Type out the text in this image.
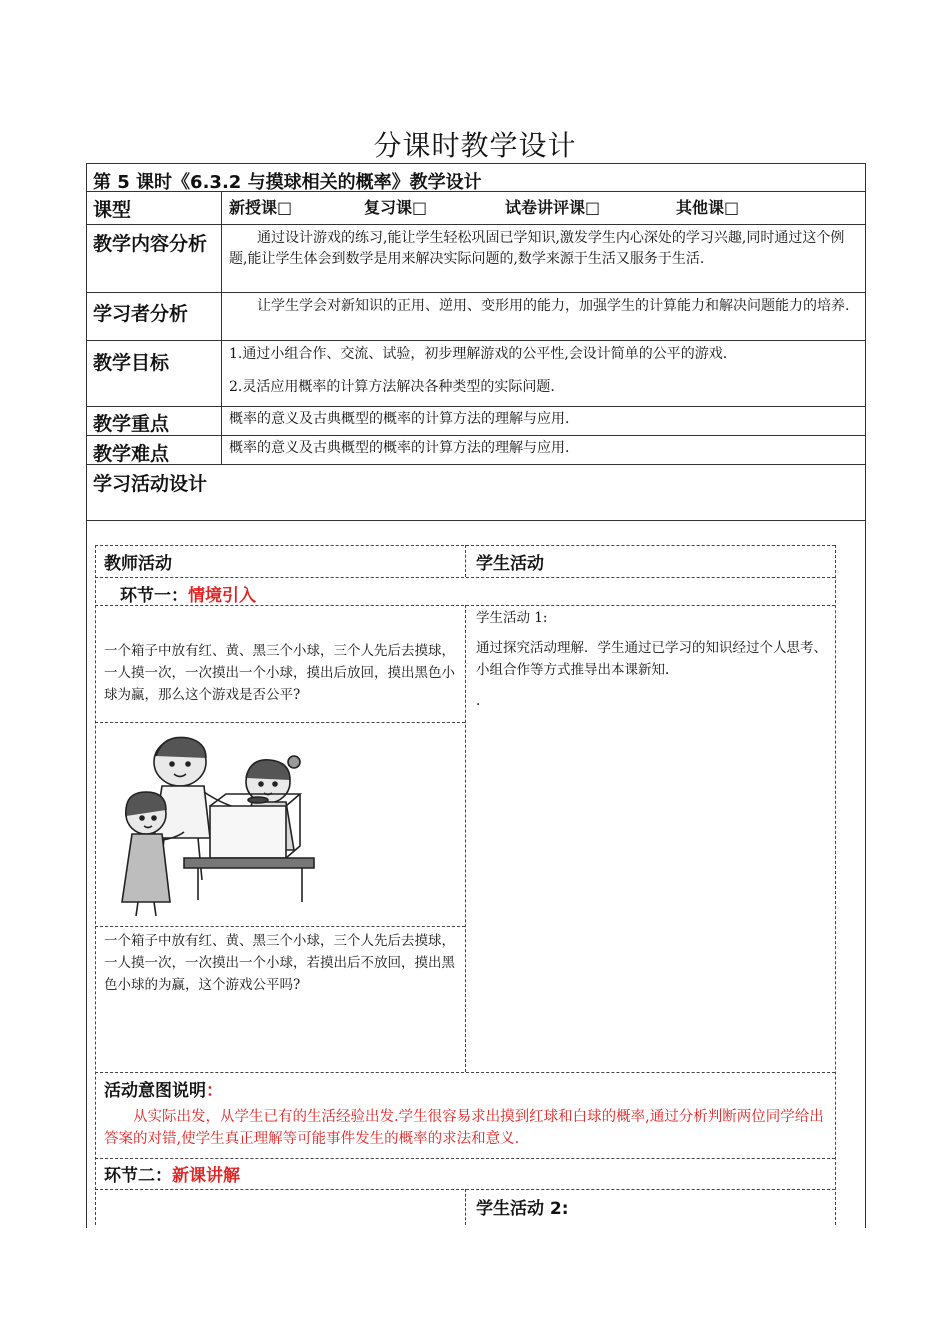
分课时教学设计
第 5 课时《6.3.2 与摸球相关的概率》教学设计
课型	新授课□	复习课□	试卷讲评课□	其他课□
教学内容分析	通过设计游戏的练习,能让学生轻松巩固已学知识,激发学生内心深处的学习兴趣,同时通过这个例题,能让学生体会到数学是用来解决实际问题的,数学来源于生活又服务于生活.
学习者分析	让学生学会对新知识的正用、逆用、变形用的能力，加强学生的计算能力和解决问题能力的培养.
教学目标	1.通过小组合作、交流、试验，初步理解游戏的公平性,会设计简单的公平的游戏.
2.灵活应用概率的计算方法解决各种类型的实际问题.
教学重点	概率的意义及古典概型的概率的计算方法的理解与应用.
教学难点	概率的意义及古典概型的概率的计算方法的理解与应用.
学习活动设计
教师活动	学生活动
环节一：情境引入
一个箱子中放有红、黄、黑三个小球，三个人先后去摸球，一人摸一次，一次摸出一个小球，摸出后放回，摸出黑色小球为赢，那么这个游戏是否公平?
一个箱子中放有红、黄、黑三个小球，三个人先后去摸球，一人摸一次，一次摸出一个小球，若摸出后不放回，摸出黑色小球的为赢，这个游戏公平吗?
学生活动 1:
通过探究活动理解．学生通过已学习的知识经过个人思考、小组合作等方式推导出本课新知.
.
活动意图说明：
从实际出发，从学生已有的生活经验出发.学生很容易求出摸到红球和白球的概率,通过分析判断两位同学给出答案的对错,使学生真正理解等可能事件发生的概率的求法和意义.
环节二：新课讲解
学生活动 2:
